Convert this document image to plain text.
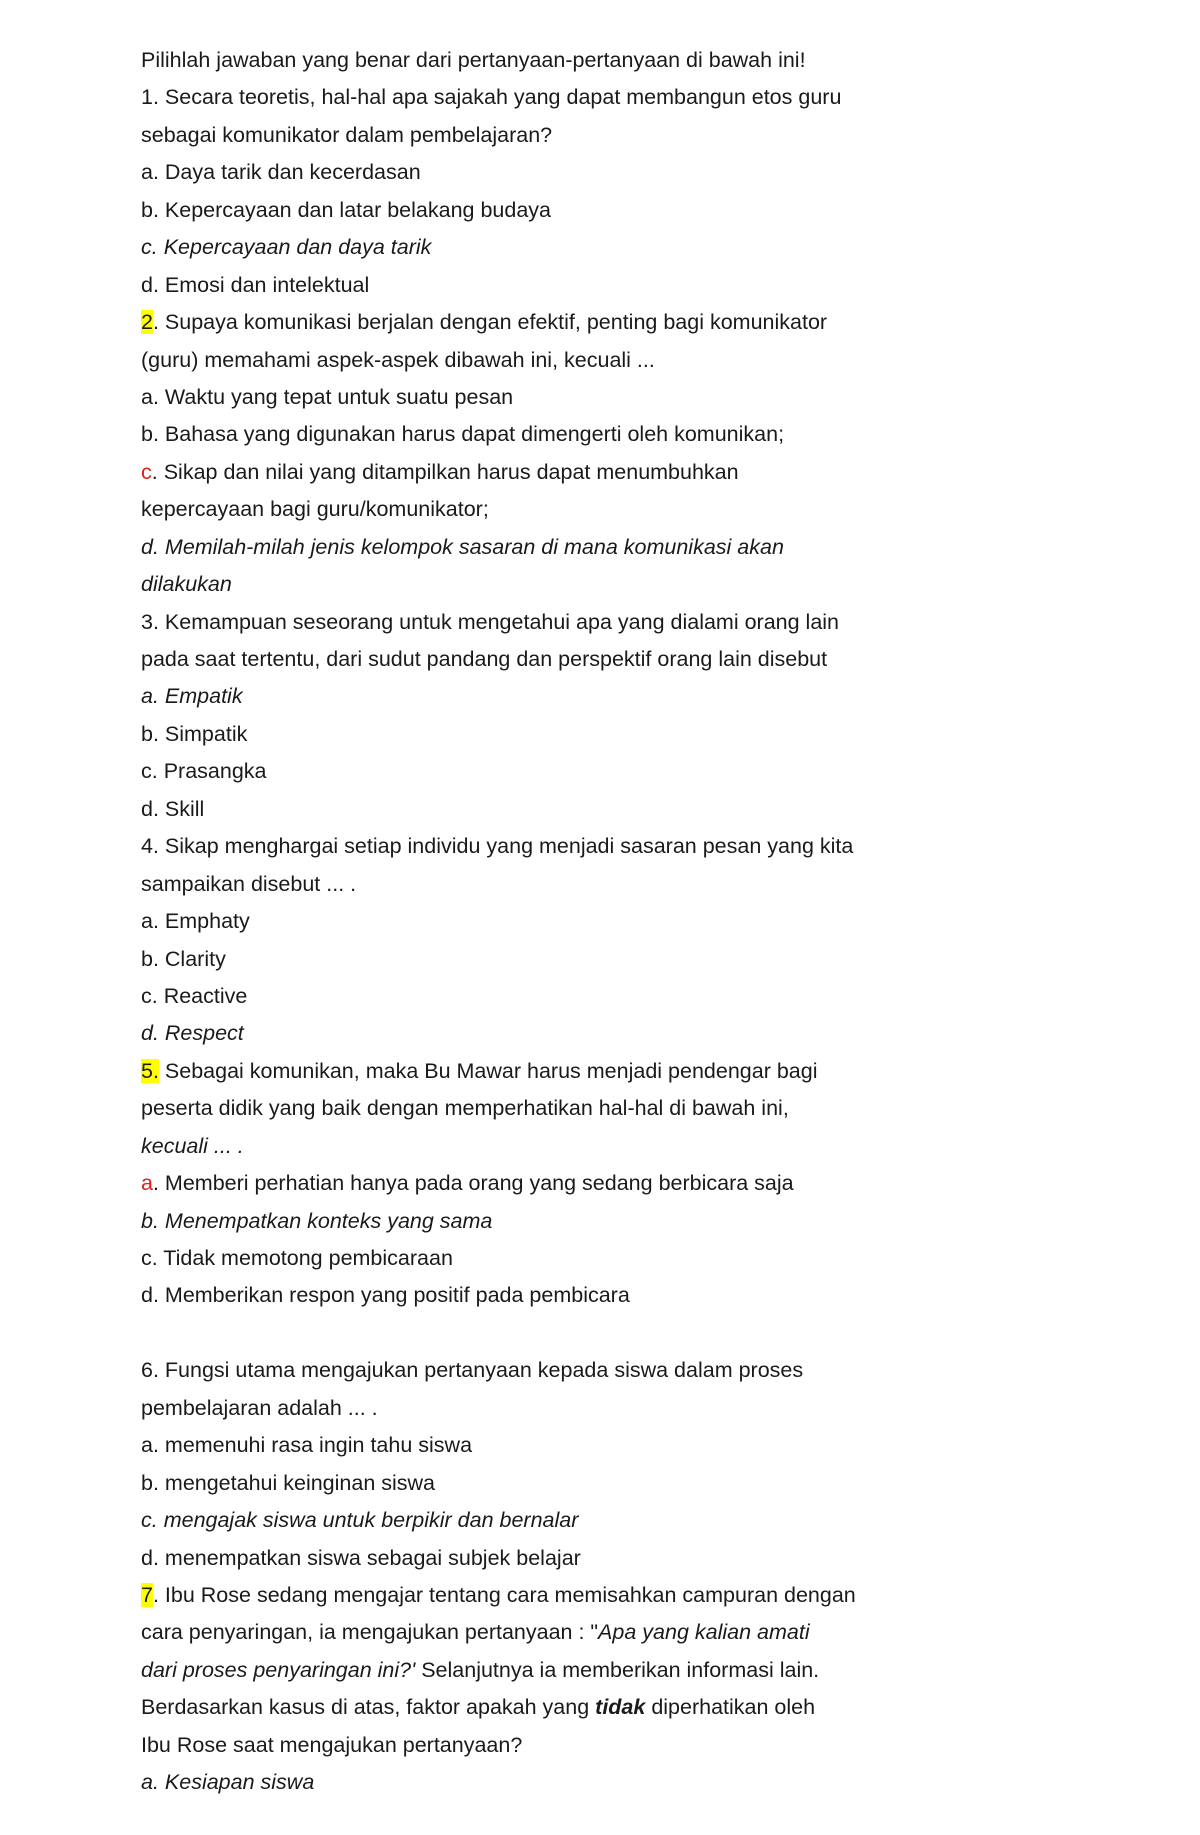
Pilihlah jawaban yang benar dari pertanyaan-pertanyaan di bawah ini!
1. Secara teoretis, hal-hal apa sajakah yang dapat membangun etos guru
sebagai komunikator dalam pembelajaran?
a. Daya tarik dan kecerdasan
b. Kepercayaan dan latar belakang budaya
c. Kepercayaan dan daya tarik
d. Emosi dan intelektual
2. Supaya komunikasi berjalan dengan efektif, penting bagi komunikator
(guru) memahami aspek-aspek dibawah ini, kecuali ...
a. Waktu yang tepat untuk suatu pesan
b. Bahasa yang digunakan harus dapat dimengerti oleh komunikan;
c. Sikap dan nilai yang ditampilkan harus dapat menumbuhkan
kepercayaan bagi guru/komunikator;
d. Memilah-milah jenis kelompok sasaran di mana komunikasi akan
dilakukan
3. Kemampuan seseorang untuk mengetahui apa yang dialami orang lain
pada saat tertentu, dari sudut pandang dan perspektif orang lain disebut
a. Empatik
b. Simpatik
c. Prasangka
d. Skill
4. Sikap menghargai setiap individu yang menjadi sasaran pesan yang kita
sampaikan disebut ... .
a. Emphaty
b. Clarity
c. Reactive
d. Respect
5. Sebagai komunikan, maka Bu Mawar harus menjadi pendengar bagi
peserta didik yang baik dengan memperhatikan hal-hal di bawah ini,
kecuali ... .
a. Memberi perhatian hanya pada orang yang sedang berbicara saja
b. Menempatkan konteks yang sama
c. Tidak memotong pembicaraan
d. Memberikan respon yang positif pada pembicara
6. Fungsi utama mengajukan pertanyaan kepada siswa dalam proses
pembelajaran adalah ... .
a. memenuhi rasa ingin tahu siswa
b. mengetahui keinginan siswa
c. mengajak siswa untuk berpikir dan bernalar
d. menempatkan siswa sebagai subjek belajar
7. Ibu Rose sedang mengajar tentang cara memisahkan campuran dengan
cara penyaringan, ia mengajukan pertanyaan : "Apa yang kalian amati
dari proses penyaringan ini?' Selanjutnya ia memberikan informasi lain.
Berdasarkan kasus di atas, faktor apakah yang tidak diperhatikan oleh
Ibu Rose saat mengajukan pertanyaan?
a. Kesiapan siswa
